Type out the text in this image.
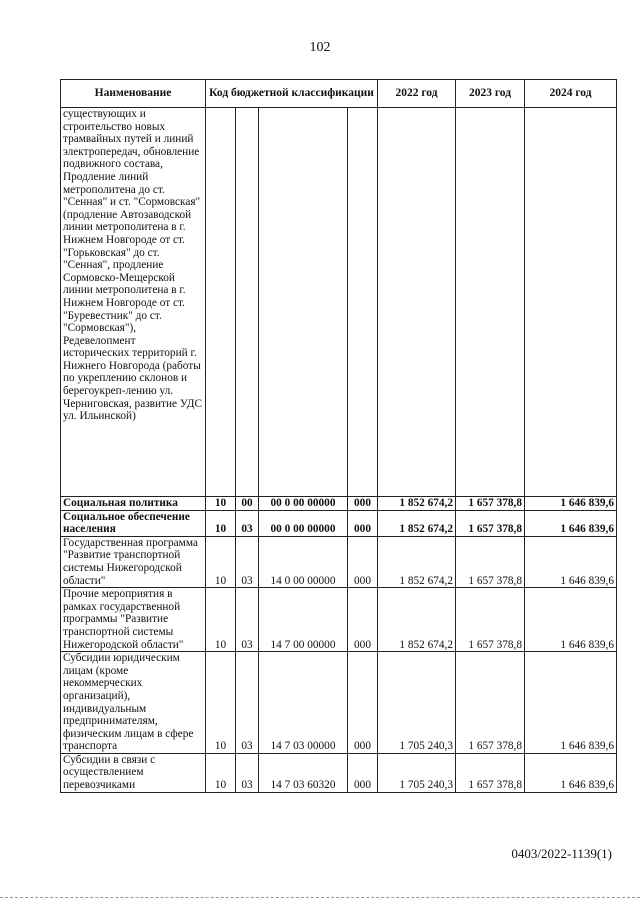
102
Наименование	Код бюджетной классификации				2022 год	2023 год	2024 год
существующих и строительство новых трамвайных путей и линий электропередач, обновление подвижного состава, Продление линий метрополитена до ст. "Сенная" и ст. "Сормовская" (продление Автозаводской линии метрополитена в г. Нижнем Новгороде от ст. "Горьковская" до ст. "Сенная", продление Сормовско-Мещерской линии метрополитена в г. Нижнем Новгороде от ст. "Буревестник" до ст. "Сормовская"), Редевелопмент исторических территорий г. Нижнего Новгорода (работы по укреплению склонов и берегоукреп-лению ул. Черниговская, развитие УДС ул. Ильинской)							
Социальная политика	10	00	00 0 00 00000	000	1 852 674,2	1 657 378,8	1 646 839,6
Социальное обеспечение населения	10	03	00 0 00 00000	000	1 852 674,2	1 657 378,8	1 646 839,6
Государственная программа "Развитие транспортной системы Нижегородской области"	10	03	14 0 00 00000	000	1 852 674,2	1 657 378,8	1 646 839,6
Прочие мероприятия в рамках государственной программы "Развитие транспортной системы Нижегородской области"	10	03	14 7 00 00000	000	1 852 674,2	1 657 378,8	1 646 839,6
Субсидии юридическим лицам (кроме некоммерческих организаций), индивидуальным предпринимателям, физическим лицам в сфере транспорта	10	03	14 7 03 00000	000	1 705 240,3	1 657 378,8	1 646 839,6
Субсидии в связи с осуществлением перевозчиками	10	03	14 7 03 60320	000	1 705 240,3	1 657 378,8	1 646 839,6
0403/2022-1139(1)
